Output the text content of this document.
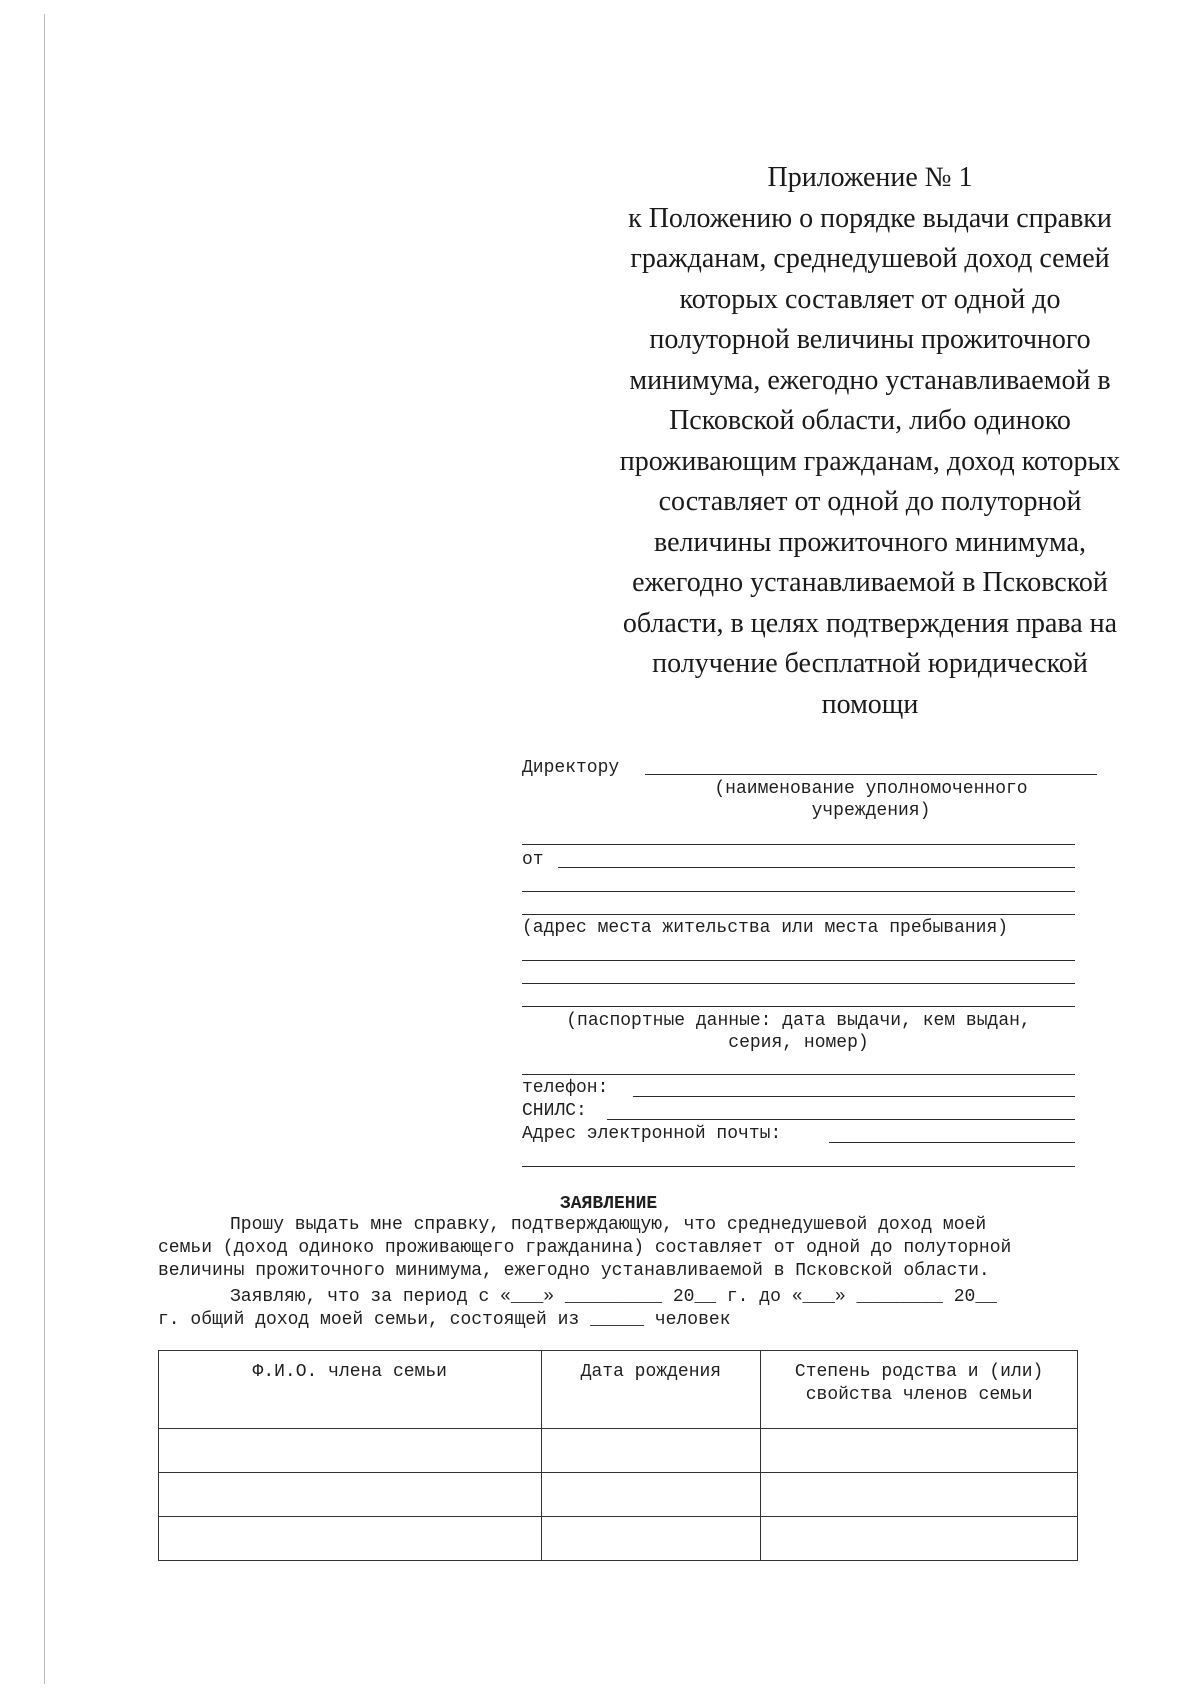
Приложение № 1
к Положению о порядке выдачи справки
гражданам, среднедушевой доход семей
которых составляет от одной до
полуторной величины прожиточного
минимума, ежегодно устанавливаемой в
Псковской области, либо одиноко
проживающим гражданам, доход которых
составляет от одной до полуторной
величины прожиточного минимума,
ежегодно устанавливаемой в Псковской
области, в целях подтверждения права на
получение бесплатной юридической
помощи
Директору
(наименование уполномоченного
учреждения)
от
(адрес места жительства или места пребывания)
(паспортные данные: дата выдачи, кем выдан,
серия, номер)
телефон:
СНИЛС:
Адрес электронной почты:
ЗАЯВЛЕНИЕ
Прошу выдать мне справку, подтверждающую, что среднедушевой доход моей
семьи (доход одиноко проживающего гражданина) составляет от одной до полуторной
величины прожиточного минимума, ежегодно устанавливаемой в Псковской области.
Заявляю, что за период с «___» _________ 20__ г. до «___» ________ 20__
г. общий доход моей семьи, состоящей из _____ человек
Ф.И.О. члена семьи	Дата рождения	Степень родства и (или) свойства членов семьи
